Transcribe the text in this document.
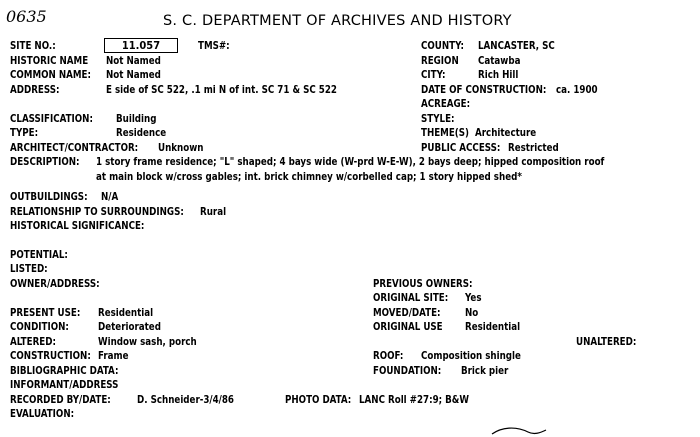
0635	S. C. DEPARTMENT OF ARCHIVES AND HISTORY
SITE NO.:	11.057	TMS#:
HISTORIC NAME Not Named
COMMON NAME: Not Named
ADDRESS:	E side of SC 522, .1 mi N of int. SC 71 & SC 522
CLASSIFICATION: Building
TYPE:	Residence
ARCHITECT/CONTRACTOR: Unknown
DESCRIPTION: 1 story frame residence; "L" shaped; 4 bays wide (W-prd W-E-W), 2 bays deep; hipped composition roof
at main block w/cross gables; int. brick chimney w/corbelled cap; 1 story hipped shed*
OUTBUILDINGS: N/A
RELATIONSHIP TO SURROUNDINGS: Rural
HISTORICAL SIGNIFICANCE:
POTENTIAL:
LISTED:
OWNER/ADDRESS:
PRESENT USE: Residential
CONDITION:	Deteriorated
ALTERED:	Window sash, porch
CONSTRUCTION: Frame
BIBLIOGRAPHIC DATA:
INFORMANT/ADDRESS
RECORDED BY/DATE: D. Schneider-3/4/86	PHOTO DATA: LANC Roll #27:9; B&W
EVALUATION:
COUNTY: LANCASTER, SC
REGION Catawba
CITY:	Rich Hill
DATE OF CONSTRUCTION: ca. 1900
ACREAGE:
STYLE:
THEME(S) Architecture
PUBLIC ACCESS: Restricted
PREVIOUS OWNERS:
ORIGINAL SITE: Yes
MOVED/DATE: No
ORIGINAL USE Residential
UNALTERED:
ROOF: Composition shingle
FOUNDATION: Brick pier
